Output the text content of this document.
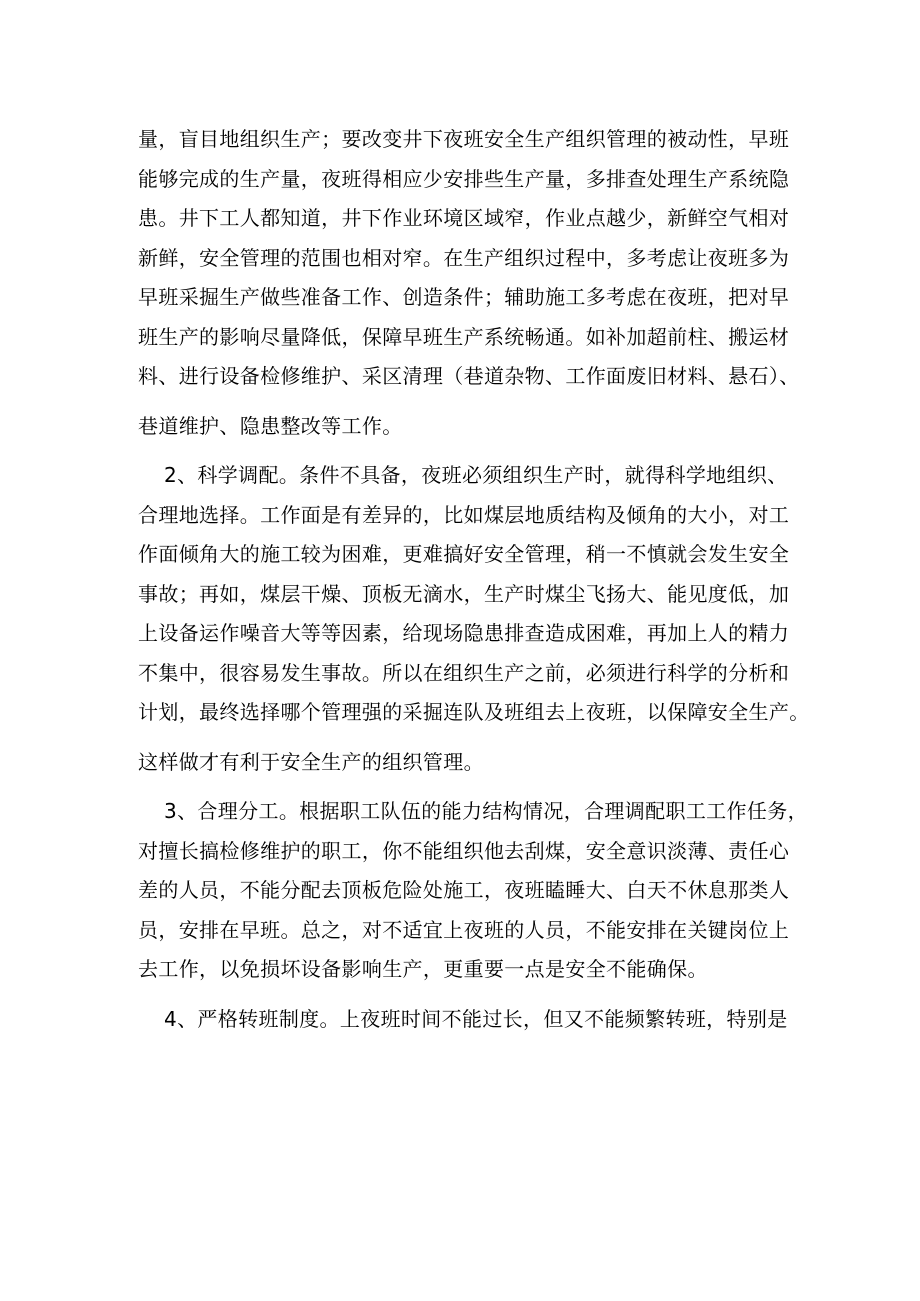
量，盲目地组织生产；要改变井下夜班安全生产组织管理的被动性，早班
能够完成的生产量，夜班得相应少安排些生产量，多排查处理生产系统隐
患。井下工人都知道，井下作业环境区域窄，作业点越少，新鲜空气相对
新鲜，安全管理的范围也相对窄。在生产组织过程中，多考虑让夜班多为
早班采掘生产做些准备工作、创造条件；辅助施工多考虑在夜班，把对早
班生产的影响尽量降低，保障早班生产系统畅通。如补加超前柱、搬运材
料、进行设备检修维护、采区清理（巷道杂物、工作面废旧材料、悬石）、
巷道维护、隐患整改等工作。
2、科学调配。条件不具备，夜班必须组织生产时，就得科学地组织、
合理地选择。工作面是有差异的，比如煤层地质结构及倾角的大小，对工
作面倾角大的施工较为困难，更难搞好安全管理，稍一不慎就会发生安全
事故；再如，煤层干燥、顶板无滴水，生产时煤尘飞扬大、能见度低，加
上设备运作噪音大等等因素，给现场隐患排查造成困难，再加上人的精力
不集中，很容易发生事故。所以在组织生产之前，必须进行科学的分析和
计划，最终选择哪个管理强的采掘连队及班组去上夜班，以保障安全生产。
这样做才有利于安全生产的组织管理。
3、合理分工。根据职工队伍的能力结构情况，合理调配职工工作任务，
对擅长搞检修维护的职工，你不能组织他去刮煤，安全意识淡薄、责任心
差的人员，不能分配去顶板危险处施工，夜班瞌睡大、白天不休息那类人
员，安排在早班。总之，对不适宜上夜班的人员，不能安排在关键岗位上
去工作，以免损坏设备影响生产，更重要一点是安全不能确保。
4、严格转班制度。上夜班时间不能过长，但又不能频繁转班，特别是
